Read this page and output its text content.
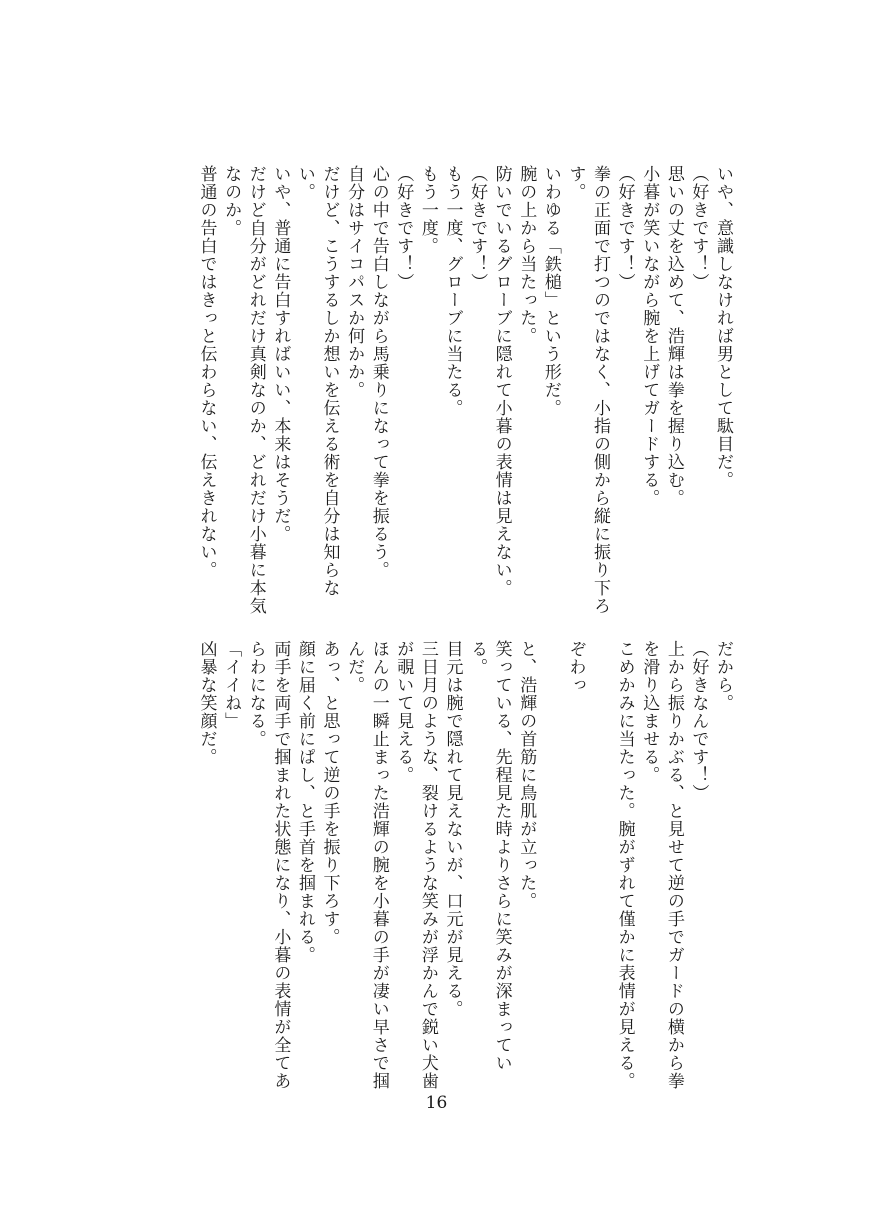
いや、意識しなければ男として駄目だ。
（好きです！）
思いの丈を込めて、浩輝は拳を握り込む。
小暮が笑いながら腕を上げてガードする。
（好きです！）
拳の正面で打つのではなく、小指の側から縦に振り下ろ
す。
いわゆる「鉄槌」という形だ。
腕の上から当たった。
防いでいるグローブに隠れて小暮の表情は見えない。
（好きです！）
もう一度、グローブに当たる。
もう一度。
（好きです！）
心の中で告白しながら馬乗りになって拳を振るう。
自分はサイコパスか何かか。
だけど、こうするしか想いを伝える術を自分は知らな
い。
いや、普通に告白すればいい、本来はそうだ。
だけど自分がどれだけ真剣なのか、どれだけ小暮に本気
なのか。
普通の告白ではきっと伝わらない、伝えきれない。
だから。
（好きなんです！）
上から振りかぶる、と見せて逆の手でガードの横から拳
を滑り込ませる。
こめかみに当たった。腕がずれて僅かに表情が見える。

ぞわっ

と、浩輝の首筋に鳥肌が立った。
笑っている、先程見た時よりさらに笑みが深まってい
る。
目元は腕で隠れて見えないが、口元が見える。
三日月のような、裂けるような笑みが浮かんで鋭い犬歯
が覗いて見える。
ほんの一瞬止まった浩輝の腕を小暮の手が凄い早さで掴
んだ。
あっ、と思って逆の手を振り下ろす。
顔に届く前にぱし、と手首を掴まれる。
両手を両手で掴まれた状態になり、小暮の表情が全てあ
らわになる。
「イイね」
凶暴な笑顔だ。
16
